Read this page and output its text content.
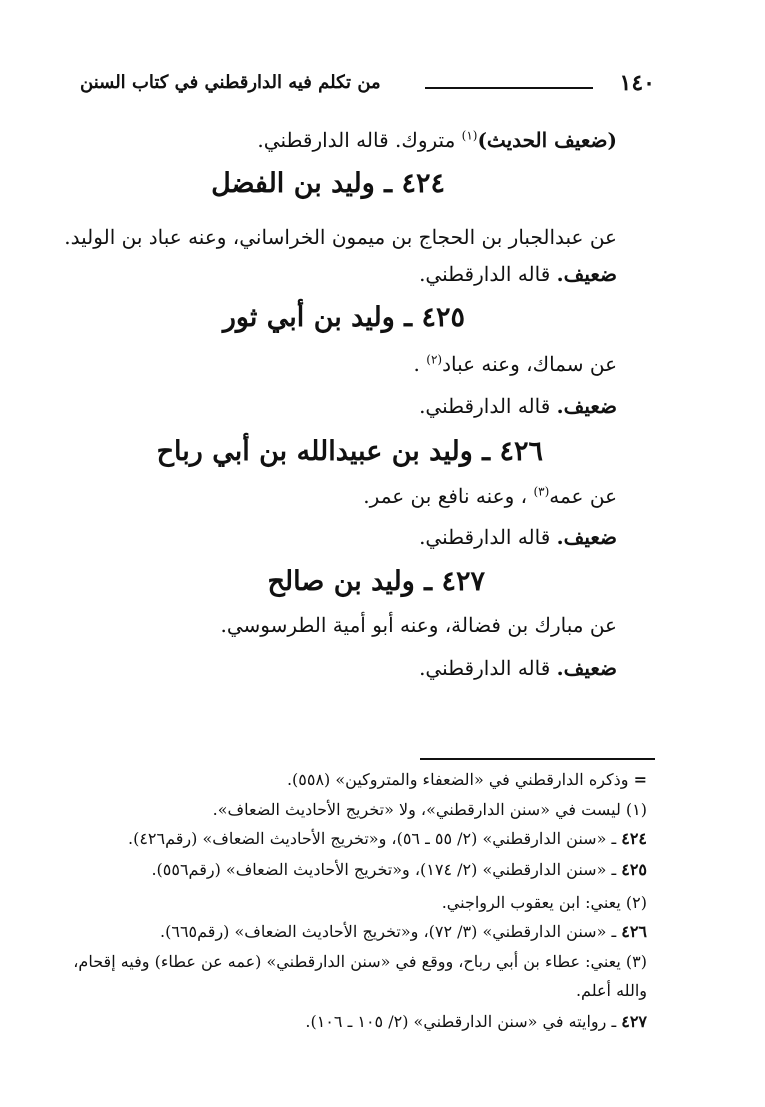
١٤٠
من تكلم فيه الدارقطني في كتاب السنن
(ضعيف الحديث)$^{(١)}$ متروك. قاله الدارقطني.
٤٢٤ ـ وليد بن الفضل
عن عبدالجبار بن الحجاج بن ميمون الخراساني، وعنه عباد بن الوليد.
ضعيف. قاله الدارقطني.
٤٢٥ ـ وليد بن أبي ثور
عن سماك، وعنه عباد$^{(٢)}$ .
ضعيف. قاله الدارقطني.
٤٢٦ ـ وليد بن عبيدالله بن أبي رباح
عن عمه$^{(٣)}$ ، وعنه نافع بن عمر.
ضعيف. قاله الدارقطني.
٤٢٧ ـ وليد بن صالح
عن مبارك بن فضالة، وعنه أبو أمية الطرسوسي.
ضعيف. قاله الدارقطني.
= وذكره الدارقطني في «الضعفاء والمتروكين» (٥٥٨).
(١) ليست في «سنن الدارقطني»، ولا «تخريج الأحاديث الضعاف».
٤٢٤ ـ «سنن الدارقطني» (٢/ ٥٥ ـ ٥٦)، و«تخريج الأحاديث الضعاف» (رقم٤٢٦).
٤٢٥ ـ «سنن الدارقطني» (٢/ ١٧٤)، و«تخريج الأحاديث الضعاف» (رقم٥٥٦).
(٢) يعني: ابن يعقوب الرواجني.
٤٢٦ ـ «سنن الدارقطني» (٣/ ٧٢)، و«تخريج الأحاديث الضعاف» (رقم٦٦٥).
(٣) يعني: عطاء بن أبي رباح، ووقع في «سنن الدارقطني» (عمه عن عطاء) وفيه إقحام،
والله أعلم.
٤٢٧ ـ روايته في «سنن الدارقطني» (٢/ ١٠٥ ـ ١٠٦).
